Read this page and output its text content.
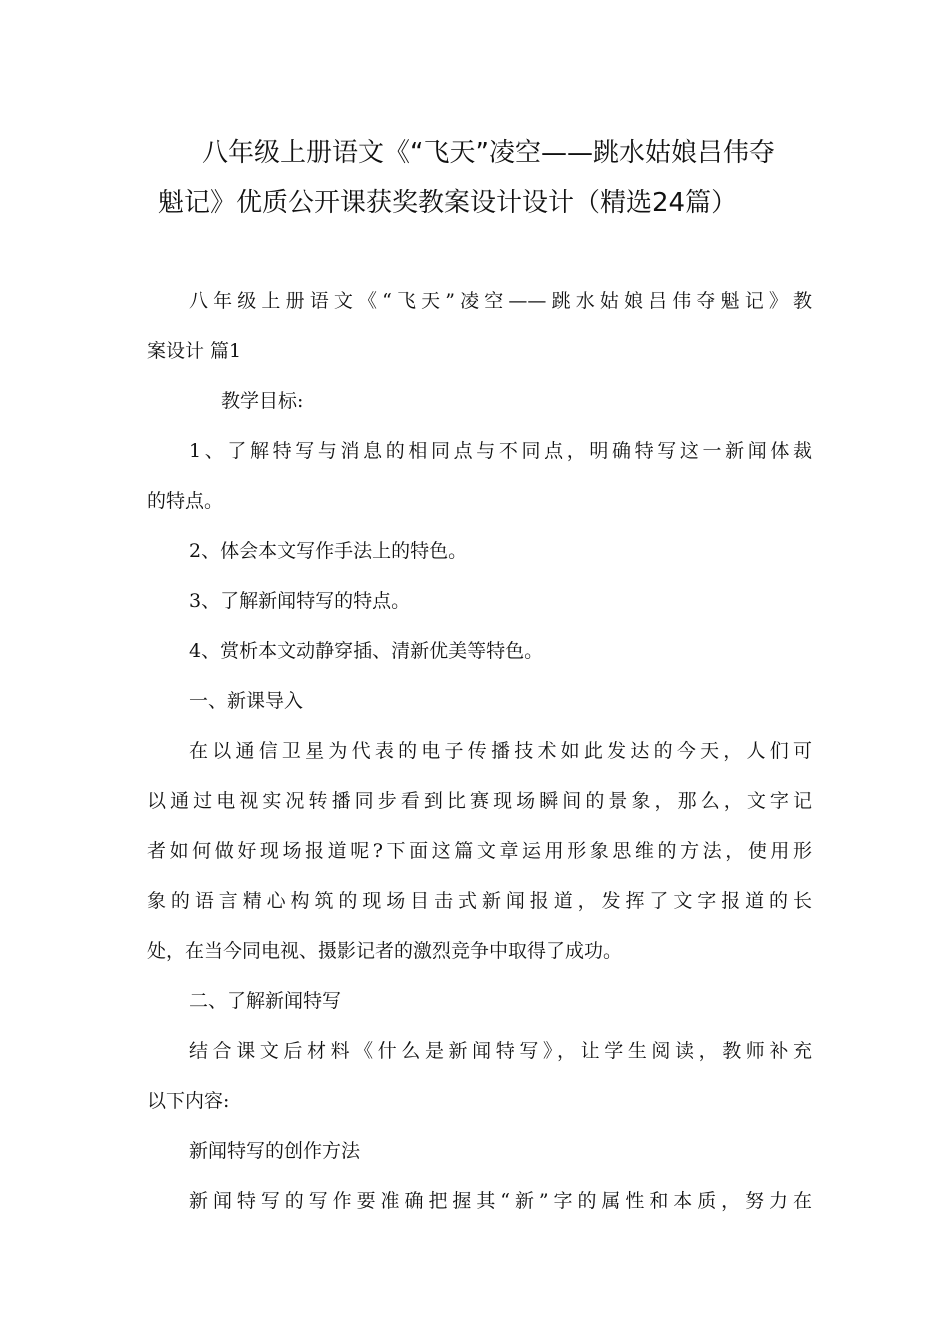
八年级上册语文《“飞天”凌空——跳水姑娘吕伟夺
魁记》优质公开课获奖教案设计设计（精选24篇）
八年级上册语文《“飞天”凌空——跳水姑娘吕伟夺魁记》教
案设计 篇1
教学目标:
1、了解特写与消息的相同点与不同点，明确特写这一新闻体裁
的特点。
2、体会本文写作手法上的特色。
3、了解新闻特写的特点。
4、赏析本文动静穿插、清新优美等特色。
一、新课导入
在以通信卫星为代表的电子传播技术如此发达的今天，人们可
以通过电视实况转播同步看到比赛现场瞬间的景象，那么，文字记
者如何做好现场报道呢?下面这篇文章运用形象思维的方法，使用形
象的语言精心构筑的现场目击式新闻报道，发挥了文字报道的长
处，在当今同电视、摄影记者的激烈竞争中取得了成功。
二、了解新闻特写
结合课文后材料《什么是新闻特写》，让学生阅读，教师补充
以下内容:
新闻特写的创作方法
新闻特写的写作要准确把握其“新”字的属性和本质，努力在
